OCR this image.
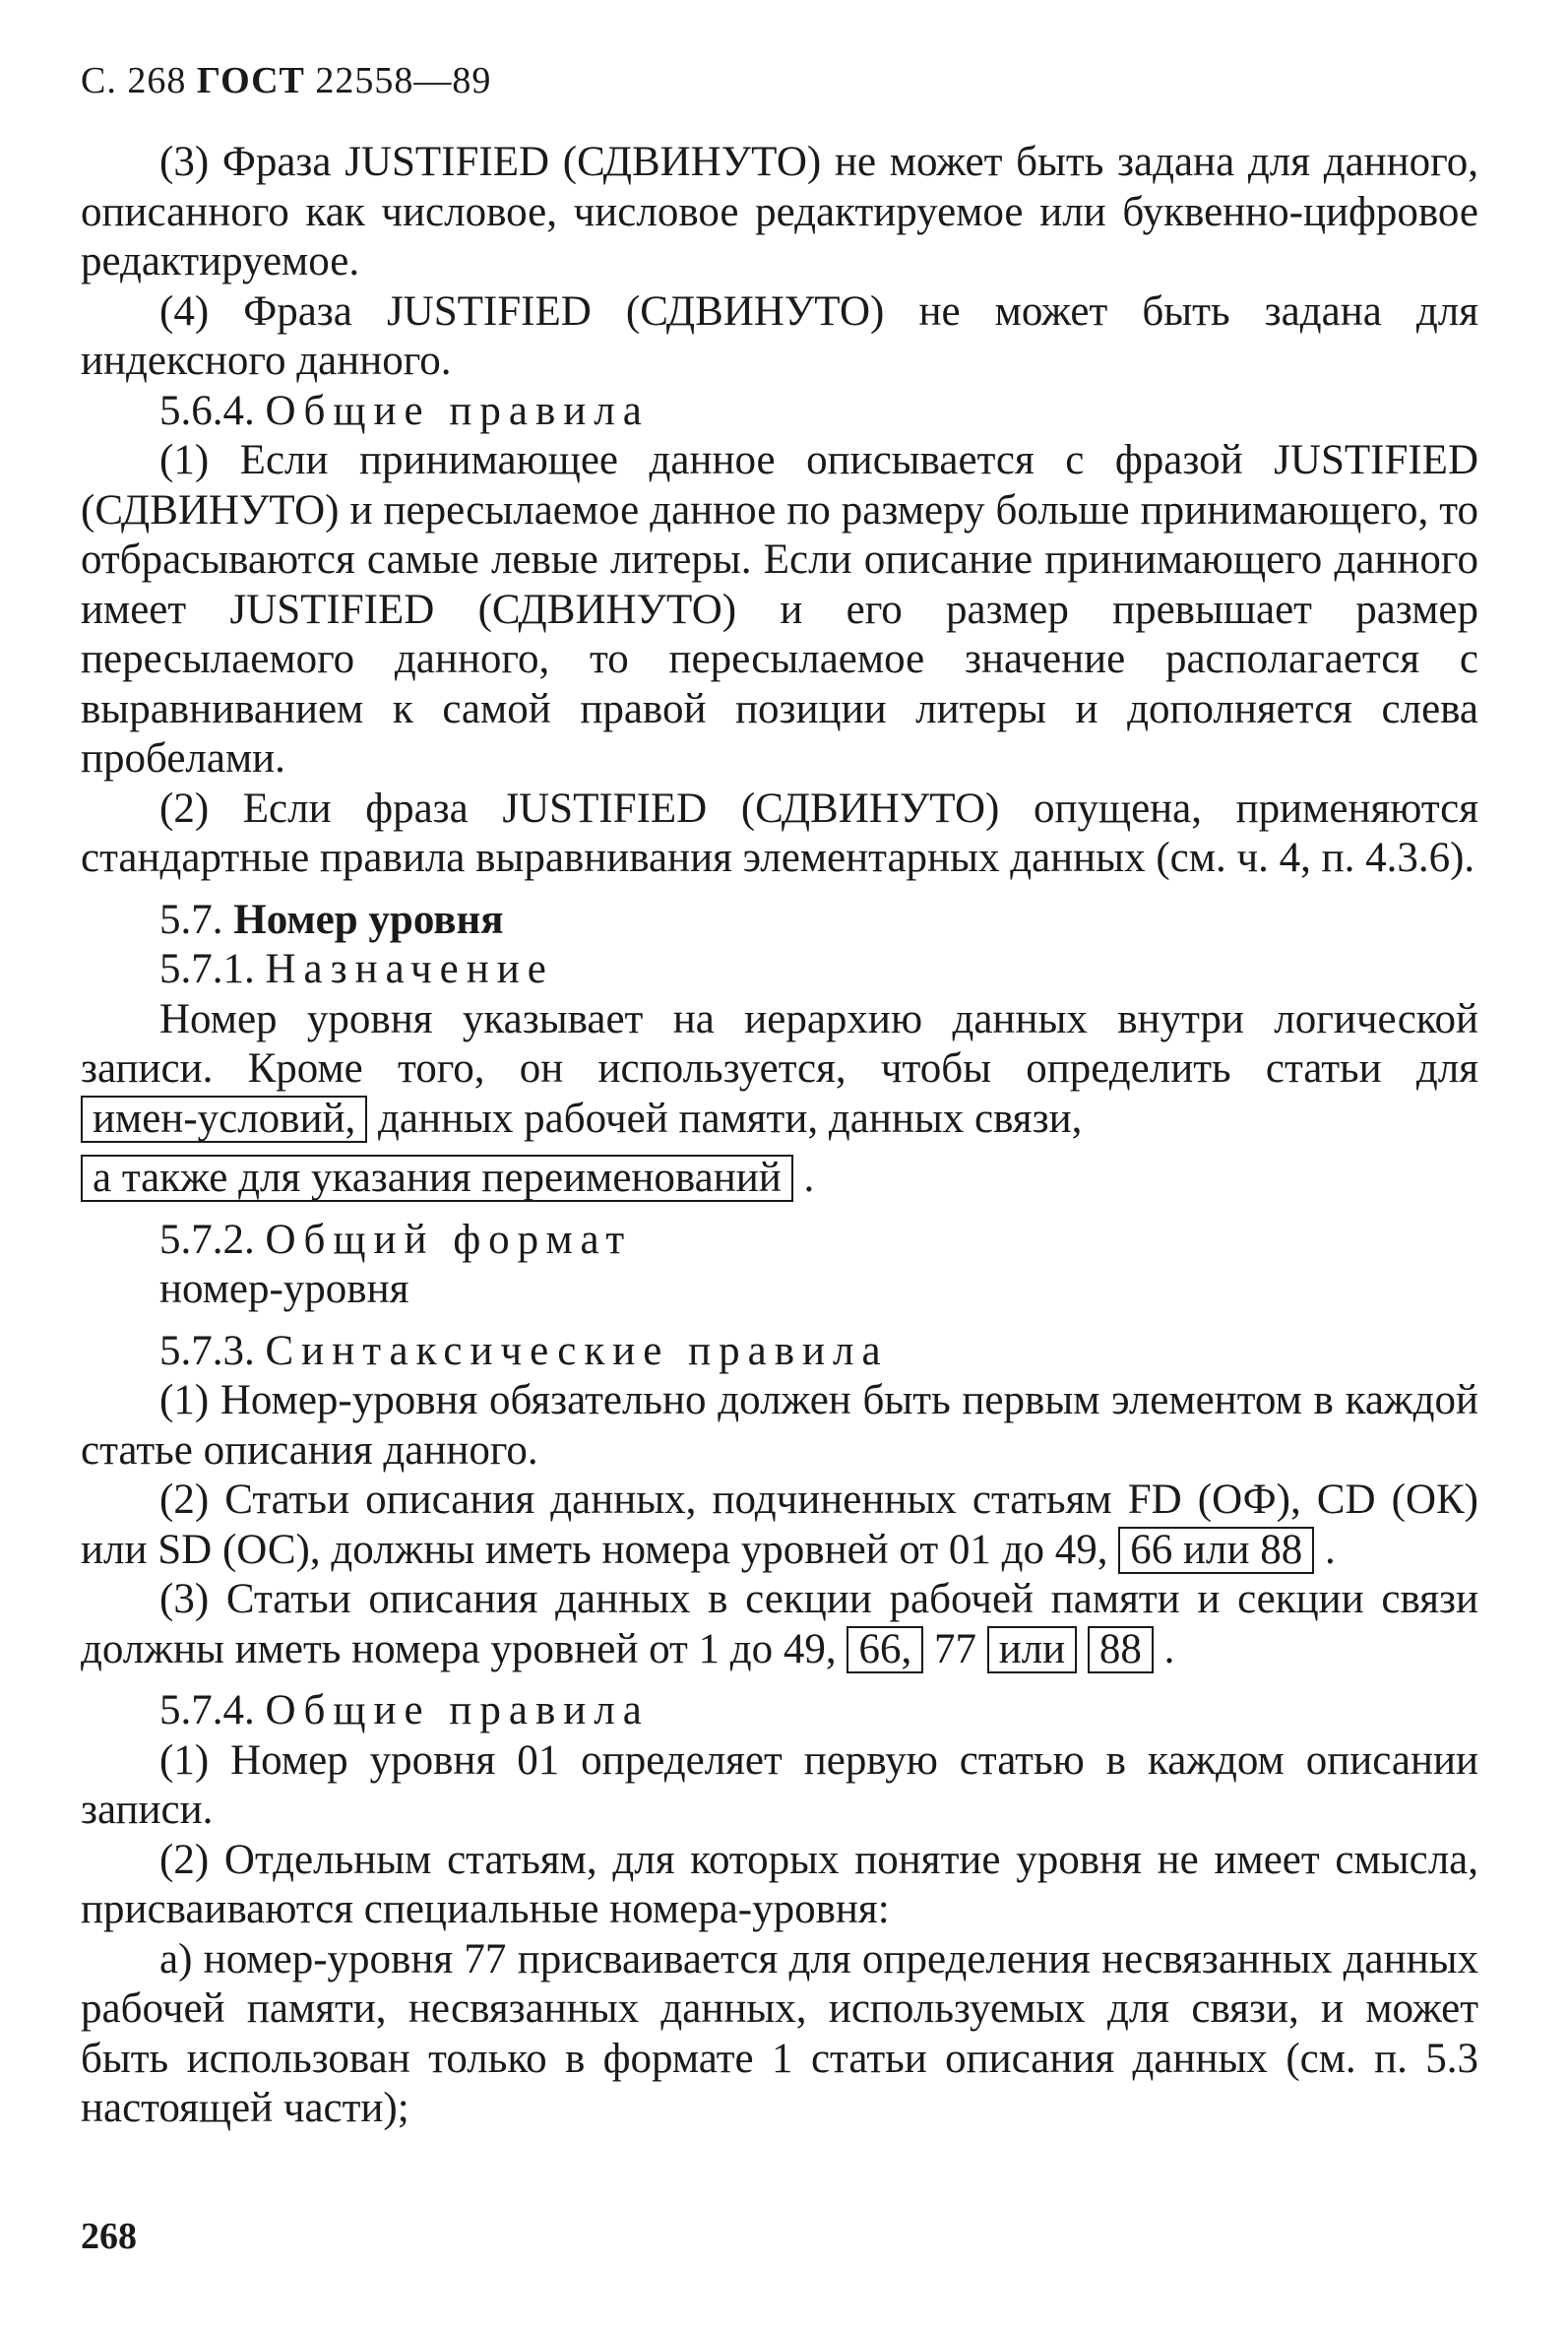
С. 268 ГОСТ 22558—89

(3) Фраза JUSTIFIED (СДВИНУТО) не может быть задана для данного, описанного как числовое, числовое редактируемое или буквенно-цифровое редактируемое.

(4) Фраза JUSTIFIED (СДВИНУТО) не может быть задана для индексного данного.

5.6.4. Общие правила

(1) Если принимающее данное описывается с фразой JUSTIFIED (СДВИНУТО) и пересылаемое данное по размеру больше принимающего, то отбрасываются самые левые литеры. Если описание принимающего данного имеет JUSTIFIED (СДВИНУТО) и его размер превышает размер пересылаемого данного, то пересылаемое значение располагается с выравниванием к самой правой позиции литеры и дополняется слева пробелами.

(2) Если фраза JUSTIFIED (СДВИНУТО) опущена, применяются стандартные правила выравнивания элементарных данных (см. ч. 4, п. 4.3.6).

5.7. Номер уровня

5.7.1. Назначение

Номер уровня указывает на иерархию данных внутри логической записи. Кроме того, он используется, чтобы определить статьи для имен-условий, данных рабочей памяти, данных связи,

а также для указания переименований .

5.7.2. Общий формат

номер-уровня

5.7.3. Синтаксические правила

(1) Номер-уровня обязательно должен быть первым элементом в каждой статье описания данного.

(2) Статьи описания данных, подчиненных статьям FD (ОФ), CD (ОК) или SD (ОС), должны иметь номера уровней от 01 до 49, 66 или 88 .

(3) Статьи описания данных в секции рабочей памяти и секции связи должны иметь номера уровней от 1 до 49, 66, 77 или 88 .

5.7.4. Общие правила

(1) Номер уровня 01 определяет первую статью в каждом описании записи.

(2) Отдельным статьям, для которых понятие уровня не имеет смысла, присваиваются специальные номера-уровня:

а) номер-уровня 77 присваивается для определения несвязанных данных рабочей памяти, несвязанных данных, используемых для связи, и может быть использован только в формате 1 статьи описания данных (см. п. 5.3 настоящей части);

268
